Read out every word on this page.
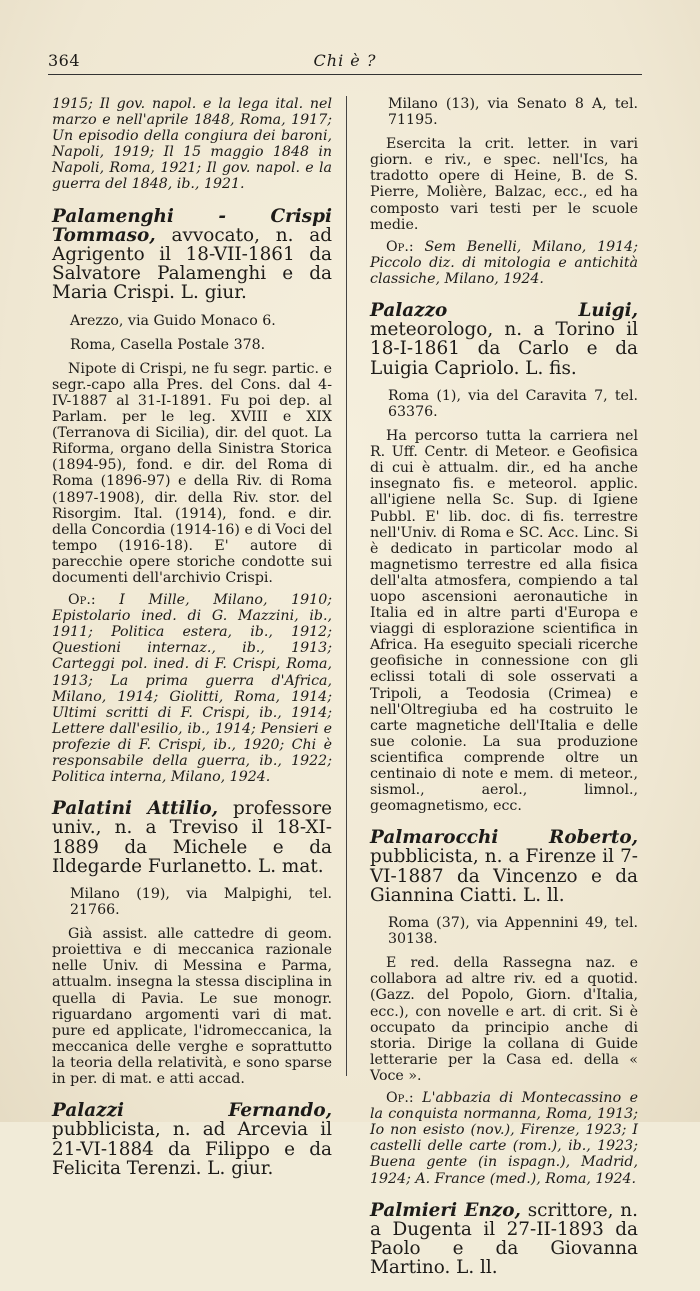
364	Chi è ?

1915; Il gov. napol. e la lega ital. nel marzo e nell'aprile 1848, Roma, 1917; Un episodio della congiura dei baroni, Napoli, 1919; Il 15 maggio 1848 in Napoli, Roma, 1921; Il gov. napol. e la guerra del 1848, ib., 1921.

Palamenghi - Crispi Tommaso, avvocato, n. ad Agrigento il 18-VII-1861 da Salvatore Palamenghi e da Maria Crispi. L. giur.

Arezzo, via Guido Monaco 6.

Roma, Casella Postale 378.

Nipote di Crispi, ne fu segr. partic. e segr.-capo alla Pres. del Cons. dal 4-IV-1887 al 31-I-1891. Fu poi dep. al Parlam. per le leg. XVIII e XIX (Terranova di Sicilia), dir. del quot. La Riforma, organo della Sinistra Storica (1894-95), fond. e dir. del Roma di Roma (1896-97) e della Riv. di Roma (1897-1908), dir. della Riv. stor. del Risorgim. Ital. (1914), fond. e dir. della Concordia (1914-16) e di Voci del tempo (1916-18). E' autore di parecchie opere storiche condotte sui documenti dell'archivio Crispi.

Op.: I Mille, Milano, 1910; Epistolario ined. di G. Mazzini, ib., 1911; Politica estera, ib., 1912; Questioni internaz., ib., 1913; Carteggi pol. ined. di F. Crispi, Roma, 1913; La prima guerra d'Africa, Milano, 1914; Giolitti, Roma, 1914; Ultimi scritti di F. Crispi, ib., 1914; Lettere dall'esilio, ib., 1914; Pensieri e profezie di F. Crispi, ib., 1920; Chi è responsabile della guerra, ib., 1922; Politica interna, Milano, 1924.

Palatini Attilio, professore univ., n. a Treviso il 18-XI-1889 da Michele e da Ildegarde Furlanetto. L. mat.

Milano (19), via Malpighi, tel. 21766.

Già assist. alle cattedre di geom. proiettiva e di meccanica razionale nelle Univ. di Messina e Parma, attualm. insegna la stessa disciplina in quella di Pavia. Le sue monogr. riguardano argomenti vari di mat. pure ed applicate, l'idromeccanica, la meccanica delle verghe e soprattutto la teoria della relatività, e sono sparse in per. di mat. e atti accad.

Palazzi Fernando, pubblicista, n. ad Arcevia il 21-VI-1884 da Filippo e da Felicita Terenzi. L. giur.

Milano (13), via Senato 8 A, tel. 71195.

Esercita la crit. letter. in vari giorn. e riv., e spec. nell'Ics, ha tradotto opere di Heine, B. de S. Pierre, Molière, Balzac, ecc., ed ha composto vari testi per le scuole medie.

Op.: Sem Benelli, Milano, 1914; Piccolo diz. di mitologia e antichità classiche, Milano, 1924.

Palazzo Luigi, meteorologo, n. a Torino il 18-I-1861 da Carlo e da Luigia Capriolo. L. fis.

Roma (1), via del Caravita 7, tel. 63376.

Ha percorso tutta la carriera nel R. Uff. Centr. di Meteor. e Geofisica di cui è attualm. dir., ed ha anche insegnato fis. e meteorol. applic. all'igiene nella Sc. Sup. di Igiene Pubbl. E' lib. doc. di fis. terrestre nell'Univ. di Roma e SC. Acc. Linc. Si è dedicato in particolar modo al magnetismo terrestre ed alla fisica dell'alta atmosfera, compiendo a tal uopo ascensioni aeronautiche in Italia ed in altre parti d'Europa e viaggi di esplorazione scientifica in Africa. Ha eseguito speciali ricerche geofisiche in connessione con gli eclissi totali di sole osservati a Tripoli, a Teodosia (Crimea) e nell'Oltregiuba ed ha costruito le carte magnetiche dell'Italia e delle sue colonie. La sua produzione scientifica comprende oltre un centinaio di note e mem. di meteor., sismol., aerol., limnol., geomagnetismo, ecc.

Palmarocchi Roberto, pubblicista, n. a Firenze il 7-VI-1887 da Vincenzo e da Giannina Ciatti. L. ll.

Roma (37), via Appennini 49, tel. 30138.

E red. della Rassegna naz. e collabora ad altre riv. ed a quotid. (Gazz. del Popolo, Giorn. d'Italia, ecc.), con novelle e art. di crit. Si è occupato da principio anche di storia. Dirige la collana di Guide letterarie per la Casa ed. della « Voce ».

Op.: L'abbazia di Montecassino e la conquista normanna, Roma, 1913; Io non esisto (nov.), Firenze, 1923; I castelli delle carte (rom.), ib., 1923; Buena gente (in ispagn.), Madrid, 1924; A. France (med.), Roma, 1924.

Palmieri Enzo, scrittore, n. a Dugenta il 27-II-1893 da Paolo e da Giovanna Martino. L. ll.
